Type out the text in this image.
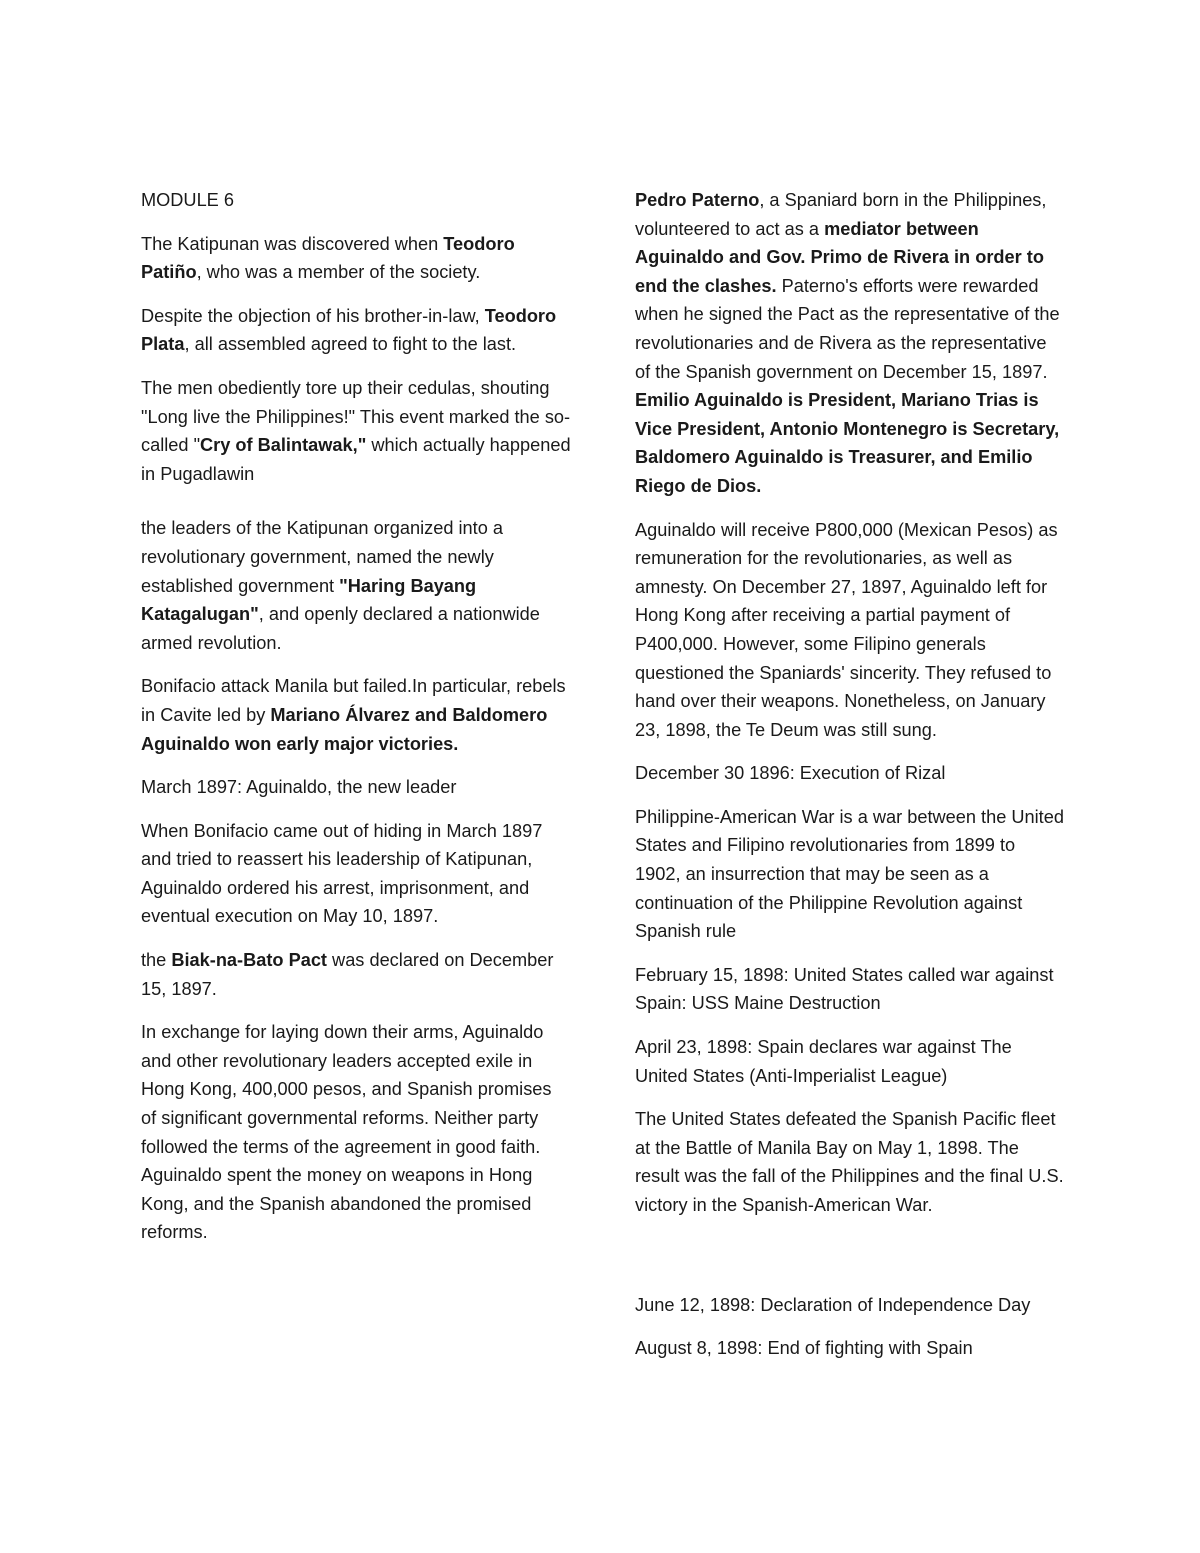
MODULE 6

The Katipunan was discovered when Teodoro Patiño, who was a member of the society.

Despite the objection of his brother-in-law, Teodoro Plata, all assembled agreed to fight to the last.

The men obediently tore up their cedulas, shouting "Long live the Philippines!" This event marked the so-called "Cry of Balintawak," which actually happened in Pugadlawin

the leaders of the Katipunan organized into a revolutionary government, named the newly established government "Haring Bayang Katagalugan", and openly declared a nationwide armed revolution.

Bonifacio attack Manila but failed.In particular, rebels in Cavite led by Mariano Álvarez and Baldomero Aguinaldo won early major victories.

March 1897: Aguinaldo, the new leader

When Bonifacio came out of hiding in March 1897 and tried to reassert his leadership of Katipunan, Aguinaldo ordered his arrest, imprisonment, and eventual execution on May 10, 1897.

the Biak-na-Bato Pact was declared on December 15, 1897.

In exchange for laying down their arms, Aguinaldo and other revolutionary leaders accepted exile in Hong Kong, 400,000 pesos, and Spanish promises of significant governmental reforms. Neither party followed the terms of the agreement in good faith. Aguinaldo spent the money on weapons in Hong Kong, and the Spanish abandoned the promised reforms.

Pedro Paterno, a Spaniard born in the Philippines, volunteered to act as a mediator between Aguinaldo and Gov. Primo de Rivera in order to end the clashes. Paterno's efforts were rewarded when he signed the Pact as the representative of the revolutionaries and de Rivera as the representative of the Spanish government on December 15, 1897. Emilio Aguinaldo is President, Mariano Trias is Vice President, Antonio Montenegro is Secretary, Baldomero Aguinaldo is Treasurer, and Emilio Riego de Dios.

Aguinaldo will receive P800,000 (Mexican Pesos) as remuneration for the revolutionaries, as well as amnesty. On December 27, 1897, Aguinaldo left for Hong Kong after receiving a partial payment of P400,000. However, some Filipino generals questioned the Spaniards' sincerity. They refused to hand over their weapons. Nonetheless, on January 23, 1898, the Te Deum was still sung.

December 30 1896: Execution of Rizal

Philippine-American War is a war between the United States and Filipino revolutionaries from 1899 to 1902, an insurrection that may be seen as a continuation of the Philippine Revolution against Spanish rule

February 15, 1898: United States called war against Spain: USS Maine Destruction

April 23, 1898: Spain declares war against The United States (Anti-Imperialist League)

The United States defeated the Spanish Pacific fleet at the Battle of Manila Bay on May 1, 1898. The result was the fall of the Philippines and the final U.S. victory in the Spanish-American War.

June 12, 1898: Declaration of Independence Day

August 8, 1898: End of fighting with Spain
